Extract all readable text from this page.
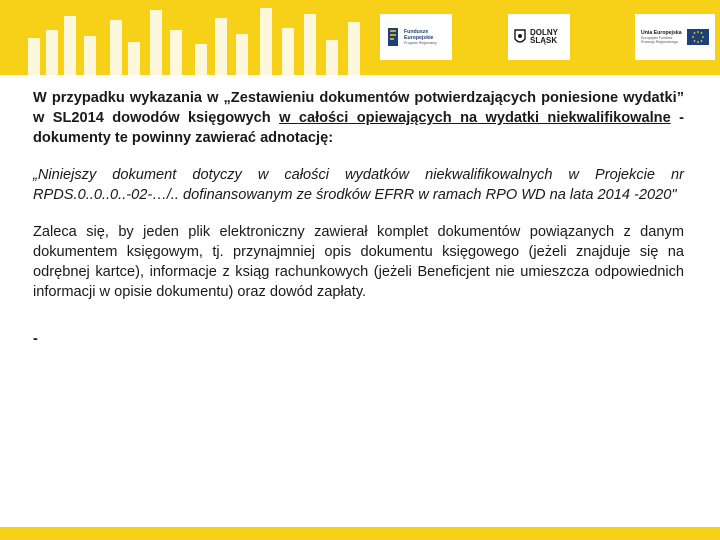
Fundusze
Europejskie
Program Regionalny
DOLNY
ŚLĄSK
Unia Europejska
Europejski Fundusz
Rozwoju Regionalnego

W przypadku wykazania w „Zestawieniu dokumentów potwierdzających poniesione wydatki” w SL2014 dowodów księgowych w całości opiewających na wydatki niekwalifikowalne - dokumenty te powinny zawierać adnotację:

„Niniejszy dokument dotyczy w całości wydatków niekwalifikowalnych w Projekcie nr RPDS.0..0..0..-02-…/.. dofinansowanym ze środków EFRR w ramach RPO WD na lata 2014 -2020"

Zaleca się, by jeden plik elektroniczny zawierał komplet dokumentów powiązanych z danym dokumentem księgowym, tj. przynajmniej opis dokumentu księgowego (jeżeli znajduje się na odrębnej kartce), informacje z ksiąg rachunkowych (jeżeli Beneficjent nie umieszcza odpowiednich informacji w opisie dokumentu) oraz dowód zapłaty.

-
